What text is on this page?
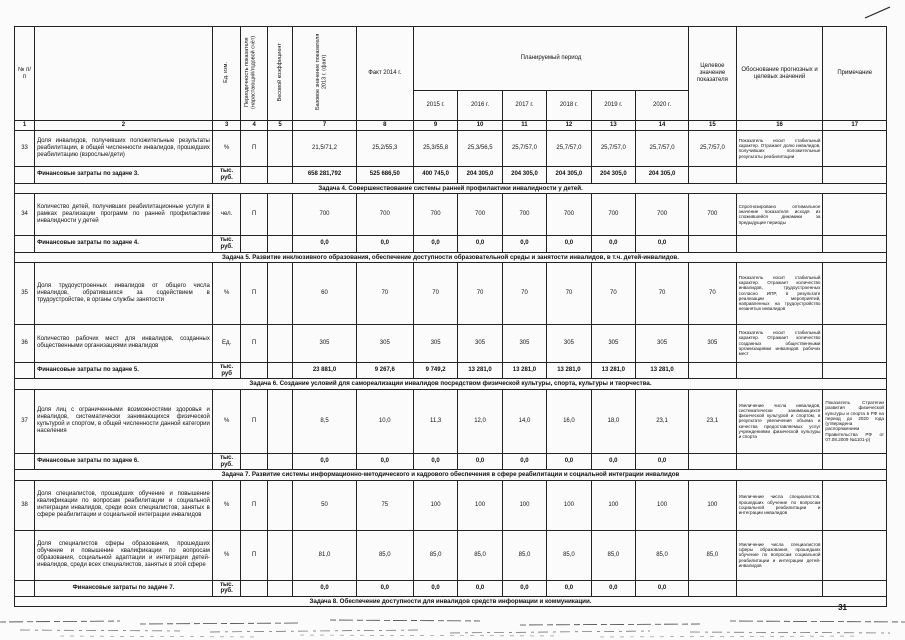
№ п/п		Ед. изм.	Периодичность показателя (нарастающий/годовой счёт)	Весовой коэффициент	Базовое значение показателя 2013 г. (факт)	Факт 2014 г.	Планируемый период						Целевое значение показателя	Обоснование прогнозных и целевых значений	Примечание
							2015 г.	2016 г.	2017 г.	2018 г.	2019 г.	2020 г.			
1	2	3	4	5	7	8	9	10	11	12	13	14	15	16	17
33	Доля инвалидов, получивших положительные результаты реабилитации, в общей численности инвалидов, прошедших реабилитацию (взрослые/дети)	%	П		21,5/71,2	25,2/55,3	25,3/55,8	25,3/56,5	25,7/57,0	25,7/57,0	25,7/57,0	25,7/57,0	25,7/57,0	Показатель носит стабильный характер. Отражает долю инвалидов, получивших положительные результаты реабилитации	
	Финансовые затраты по задаче 3.	тыс. руб.			658 281,792	525 686,50	400 745,0	204 305,0	204 305,0	204 305,0	204 305,0	204 305,0			
Задача 4. Совершенствование системы ранней профилактики инвалидности у детей.															
34	Количество детей, получивших реабилитационные услуги в рамках реализации программ по ранней профилактике инвалидности у детей	чел.	П		700	700	700	700	700	700	700	700	700	Спрогнозировано оптимальное значение показателя исходя из сложившейся динамики за предыдущие периоды	
	Финансовые затраты по задаче 4.	тыс. руб.			0,0	0,0	0,0	0,0	0,0	0,0	0,0	0,0			
Задача 5. Развитие инклюзивного образования, обеспечение доступности образовательной среды и занятости инвалидов, в т.ч. детей-инвалидов.															
35	Доля трудоустроенных инвалидов от общего числа инвалидов, обратившихся за содействием в трудоустройстве, в органы службы занятости	%	П		60	70	70	70	70	70	70	70	70	Показатель носит стабильный характер. Отражает количество инвалидов, трудоустроенных согласно ИПР, в результате реализации мероприятий, направленных на трудоустройство незанятых инвалидов	
36	Количество рабочих мест для инвалидов, созданных общественными организациями инвалидов	Ед.	П		305	305	305	305	305	305	305	305	305	Показатель носит стабильный характер. Отражает количество созданных общественными организациями инвалидов рабочих мест	
	Финансовые затраты по задаче 5.	тыс. руб			23 881,0	9 267,6	9 749,2	13 281,0	13 281,0	13 281,0	13 281,0	13 281,0			
Задача 6. Создание условий для самореализации инвалидов посредством физической культуры, спорта, культуры и творчества.															
37	Доля лиц с ограниченными возможностями здоровья и инвалидов, систематически занимающихся физической культурой и спортом, в общей численности данной категории населения	%	П		8,5	10,0	11,3	12,0	14,0	16,0	18,0	23,1	23,1	Увеличение числа инвалидов, систематически занимающихся физической культурой и спортом, в результате увеличения объема и качества предоставляемых услуг учреждениями физической культуры и спорта	Показатель Стратегии развития физической культуры и спорта в РФ на период до 2020 года (утверждена распоряжением Правительства РФ от 07.08.2009 №1101-р)
	Финансовые затраты по задаче 6.	тыс. руб.			0,0	0,0	0,0	0,0	0,0	0,0	0,0	0,0			
Задача 7. Развитие системы информационно-методического и кадрового обеспечения в сфере реабилитации и социальной интеграции инвалидов															
38	Доля специалистов, прошедших обучение и повышение квалификации по вопросам реабилитации и социальной интеграции инвалидов, среди всех специалистов, занятых в сфере реабилитации и социальной интеграции инвалидов	%	П		50	75	100	100	100	100	100	100	100	Увеличение числа специалистов, прошедших обучение по вопросам социальной реабилитации и интеграции инвалидов	
	Доля специалистов сферы образования, прошедших обучение и повышение квалификации по вопросам образования, социальной адаптации и интеграции детей-инвалидов, среди всех специалистов, занятых в этой сфере	%	П		81,0	85,0	85,0	85,0	85,0	85,0	85,0	85,0	85,0	Увеличение числа специалистов сферы образования, прошедших обучение по вопросам социальной реабилитации и интеграции детей-инвалидов	
	Финансовые затраты по задаче 7.	тыс. руб.			0,0	0,0	0,0	0,0	0,0	0,0	0,0	0,0			
Задача 8. Обеспечение доступности для инвалидов средств информации и коммуникации.															
31
